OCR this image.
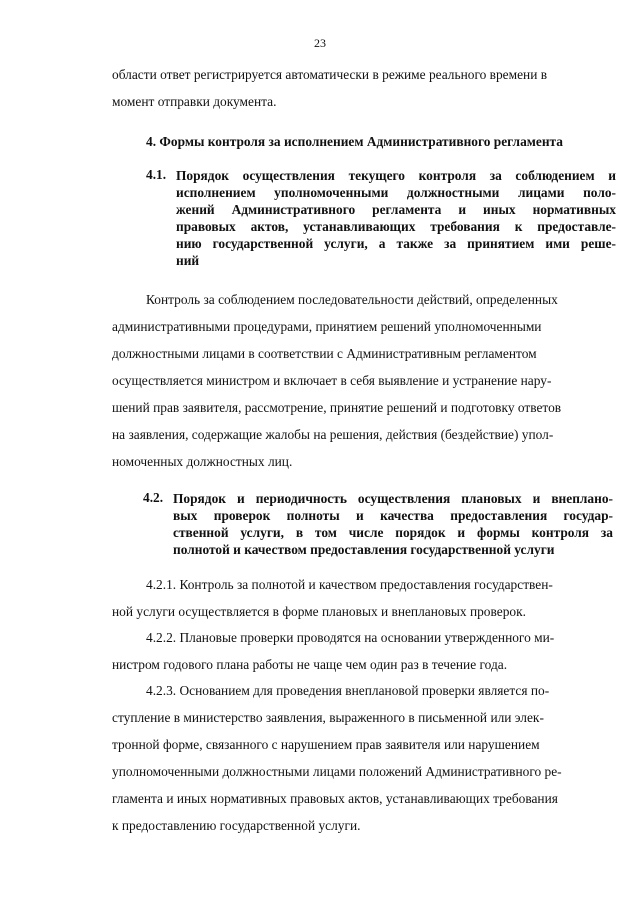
23
области ответ регистрируется автоматически в режиме реального времени в
момент отправки документа.
4. Формы контроля за исполнением Административного регламента
4.1. Порядок осуществления текущего контроля за соблюдением и
исполнением уполномоченными должностными лицами поло-
жений Административного регламента и иных нормативных
правовых актов, устанавливающих требования к предоставле-
нию государственной услуги, а также за принятием ими реше-
ний
Контроль за соблюдением последовательности действий, определенных
административными процедурами, принятием решений уполномоченными
должностными лицами в соответствии с Административным регламентом
осуществляется министром и включает в себя выявление и устранение нару-
шений прав заявителя, рассмотрение, принятие решений и подготовку ответов
на заявления, содержащие жалобы на решения, действия (бездействие) упол-
номоченных должностных лиц.
4.2. Порядок и периодичность осуществления плановых и внеплано-
вых проверок полноты и качества предоставления государ-
ственной услуги, в том числе порядок и формы контроля за
полнотой и качеством предоставления государственной услуги
4.2.1. Контроль за полнотой и качеством предоставления государствен-
ной услуги осуществляется в форме плановых и внеплановых проверок.
4.2.2. Плановые проверки проводятся на основании утвержденного ми-
нистром годового плана работы не чаще чем один раз в течение года.
4.2.3. Основанием для проведения внеплановой проверки является по-
ступление в министерство заявления, выраженного в письменной или элек-
тронной форме, связанного с нарушением прав заявителя или нарушением
уполномоченными должностными лицами положений Административного ре-
гламента и иных нормативных правовых актов, устанавливающих требования
к предоставлению государственной услуги.
